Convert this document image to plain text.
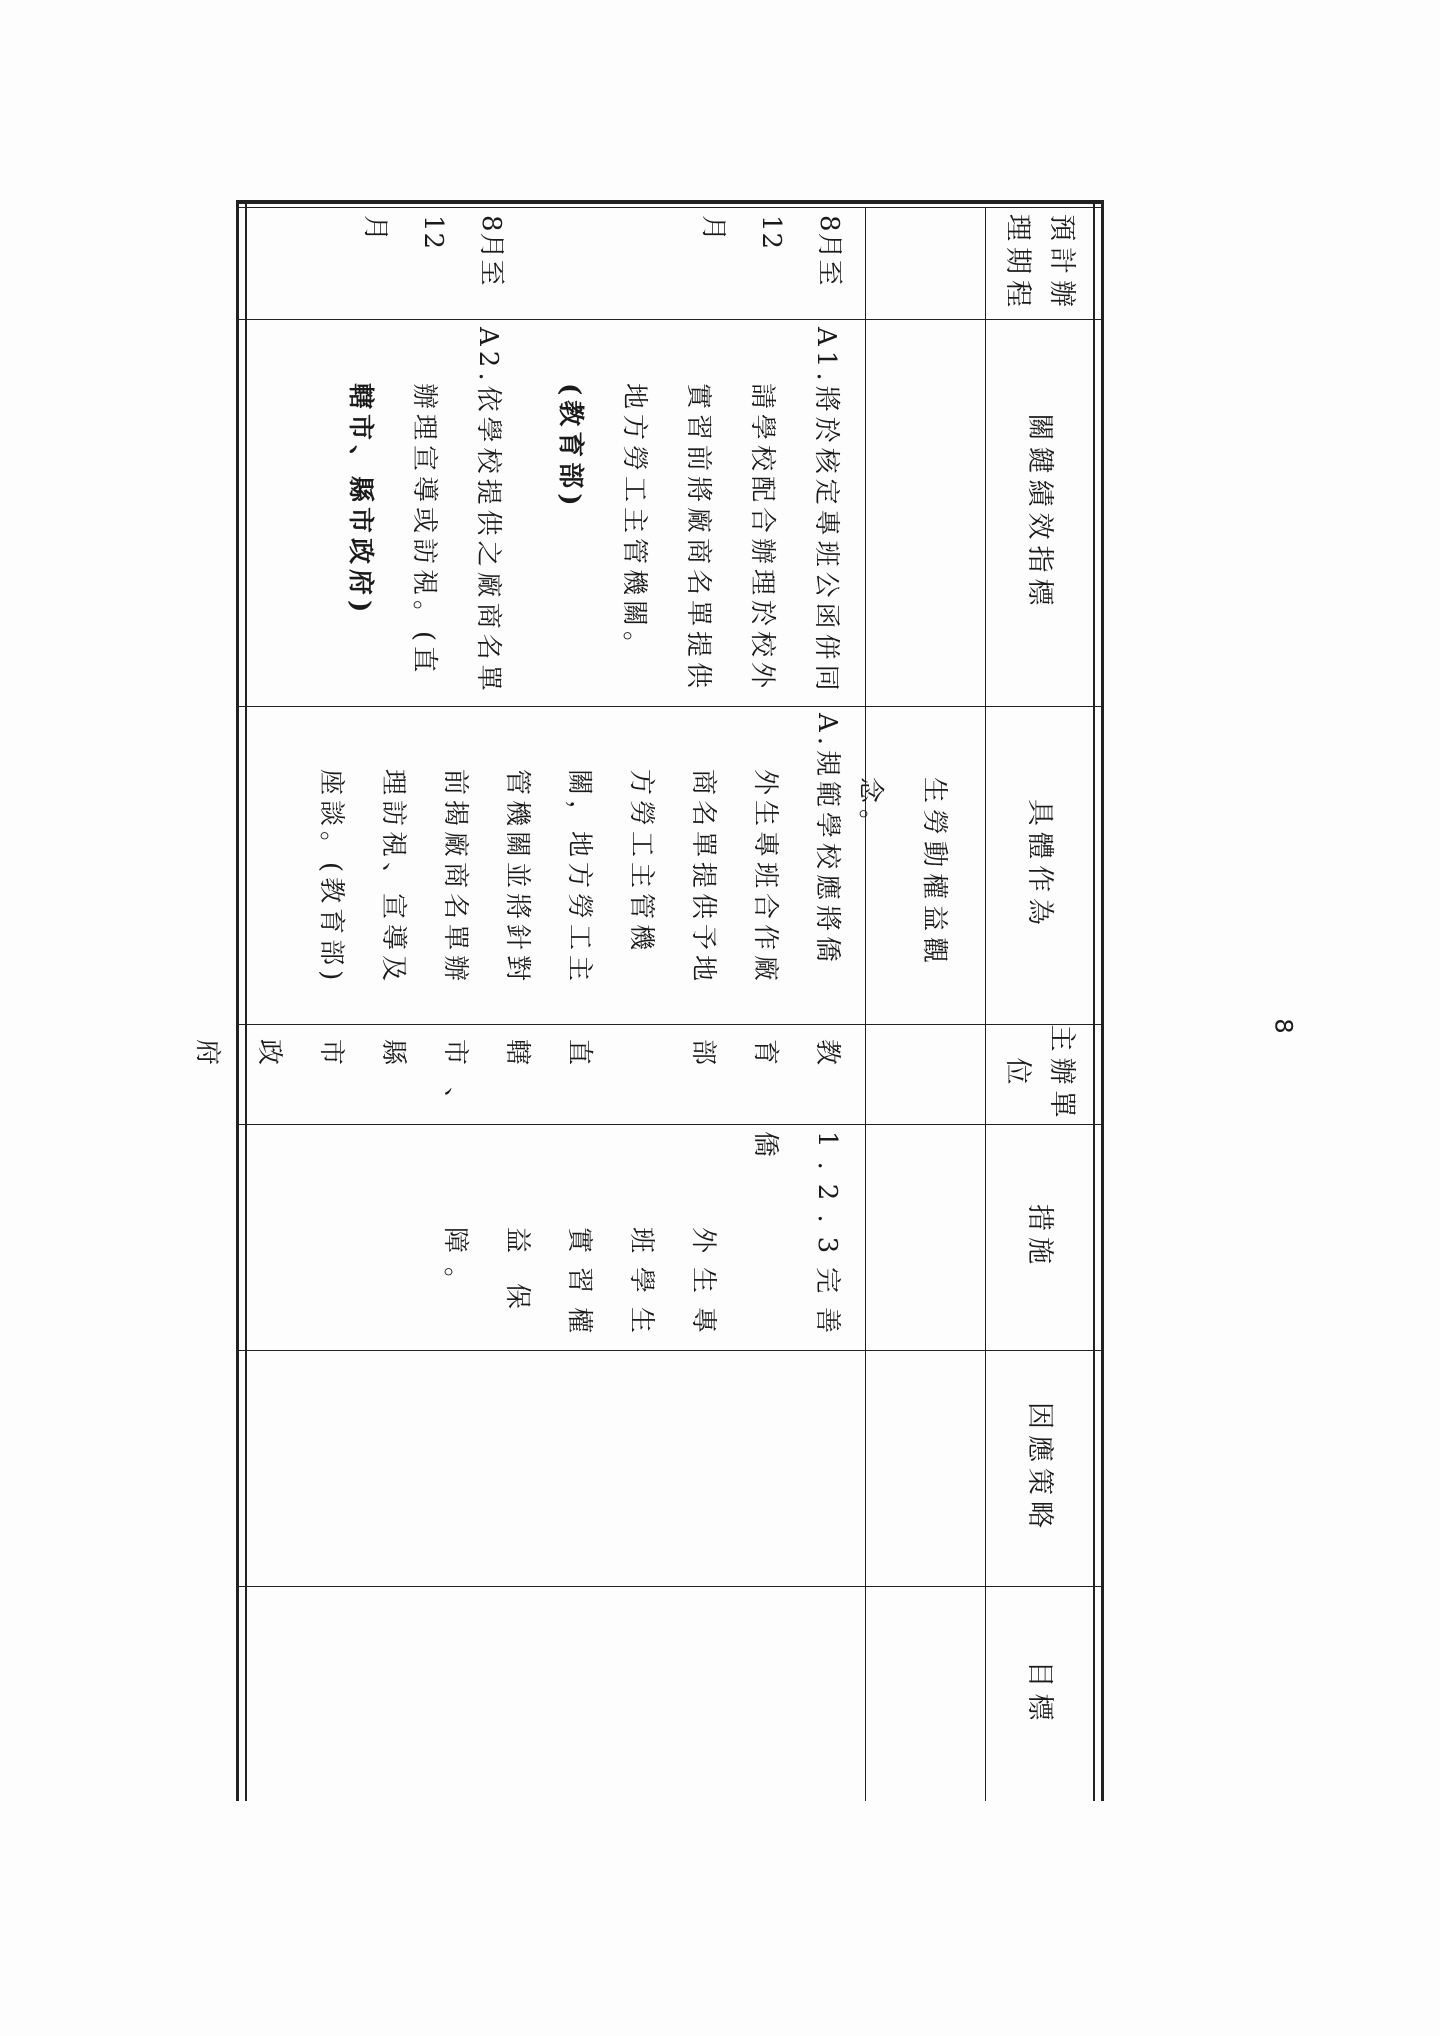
預計辦理期程
關鍵績效指標
具體作為
主辦單位
措施
因應策略
目標

生勞動權益觀

念。

8月至12

月

8月至12

月

A1.將於核定專班公函併同

請學校配合辦理於校外

實習前將廠商名單提供

地方勞工主管機關。

(教育部)

A2.依學校提供之廠商名單

辦理宣導或訪視。(直

轄市、縣市政府)

A.規範學校應將僑

外生專班合作廠

商名單提供予地

方勞工主管機

關，地方勞工主

管機關並將針對

前揭廠商名單辦

理訪視、宣導及

座談。(教育部)

教育

部

直轄

市、

縣市

政府

1.2.3完善僑

外生專

班學生

實習權

益保

障。

8
